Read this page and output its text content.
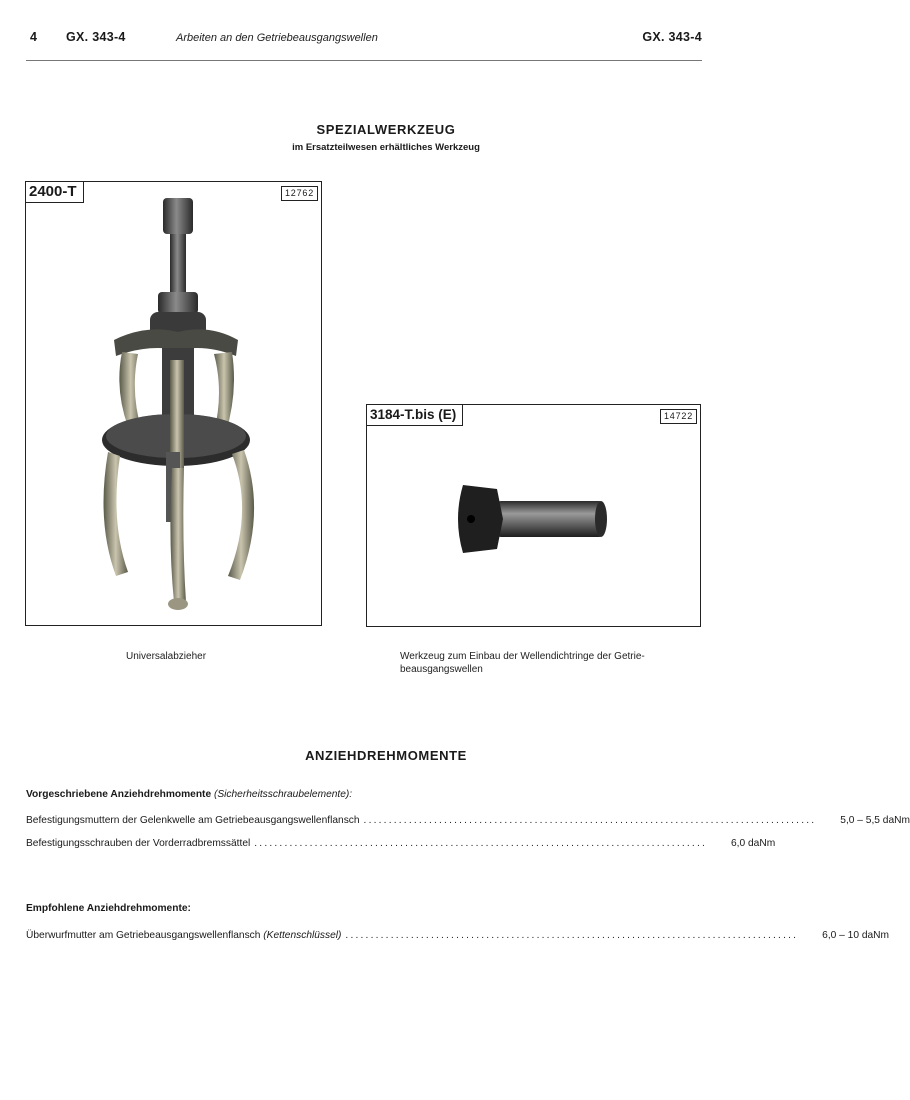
4 GX. 343-4	Arbeiten an den Getriebeausgangswellen	GX. 343-4
SPEZIALWERKZEUG
im Ersatzteilwesen erhältliches Werkzeug
2400-T	12762
Universalabzieher
3184-T.bis (E)	14722
Werkzeug zum Einbau der Wellendichtringe der Getrie-beausgangswellen
ANZIEHDREHMOMENTE
Vorgeschriebene Anziehdrehmomente (Sicherheitsschraubelemente):
Befestigungsmuttern der Gelenkwelle am Getriebeausgangswellenflansch ..........................................................................................	5,0 – 5,5 daNm
Befestigungsschrauben der Vorderradbremssättel ..........................................................................................	6,0 daNm
Empfohlene Anziehdrehmomente:
Überwurfmutter am Getriebeausgangswellenflansch (Kettenschlüssel) ..........................................................................................	6,0 – 10 daNm
